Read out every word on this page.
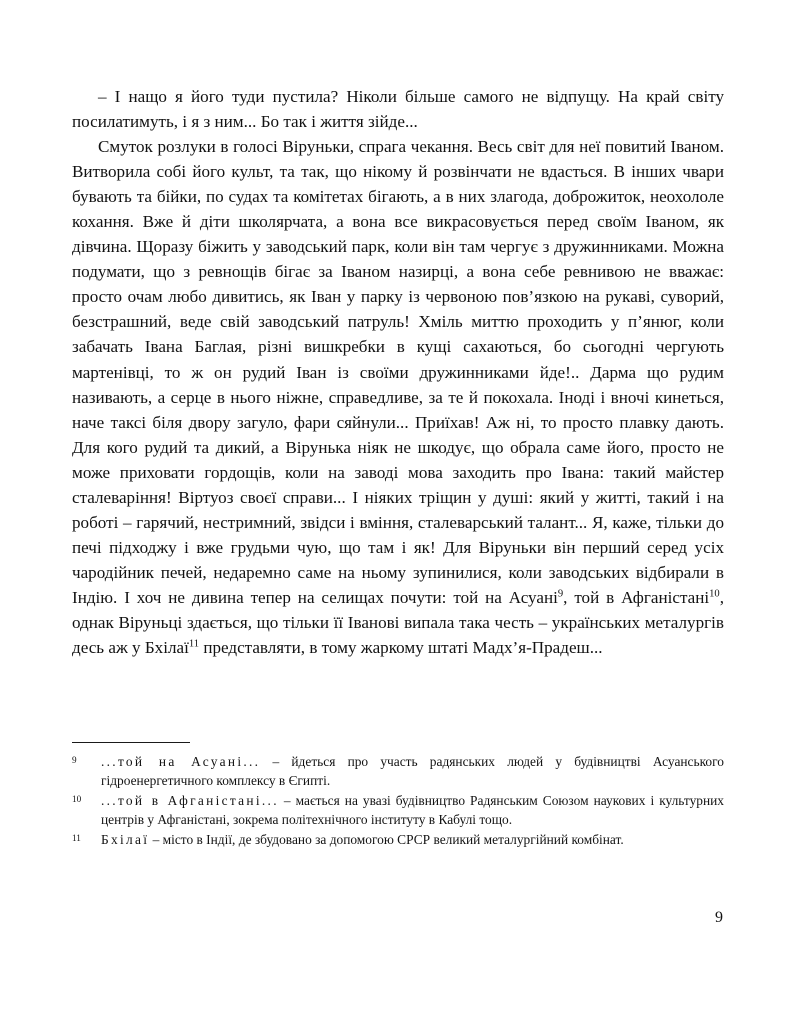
– І нащо я його туди пустила? Ніколи більше самого не відпущу. На край світу посилатимуть, і я з ним... Бо так і життя зійде...

Смуток розлуки в голосі Віруньки, спрага чекання. Весь світ для неї повитий Іваном. Витворила собі його культ, та так, що нікому й розвінчати не вдасться. В інших чвари бувають та бійки, по судах та комітетах бігають, а в них злагода, доброжиток, неохололе кохання. Вже й діти школярчата, а вона все викрасовується перед своїм Іваном, як дівчина. Щоразу біжить у заводський парк, коли він там чергує з дружинниками. Можна подумати, що з ревнощів бігає за Іваном назирці, а вона себе ревнивою не вважає: просто очам любо дивитись, як Іван у парку із червоною пов’язкою на рукаві, суворий, безстрашний, веде свій заводський патруль! Хміль миттю проходить у п’янюг, коли забачать Івана Баглая, різні вишкребки в кущі сахаються, бо сьогодні чергують мартенівці, то ж он рудий Іван із своїми дружинниками йде!.. Дарма що рудим називають, а серце в нього ніжне, справедливе, за те й покохала. Іноді і вночі кинеться, наче таксі біля двору загуло, фари сяйнули... Приїхав! Аж ні, то просто плавку дають. Для кого рудий та дикий, а Вірунька ніяк не шкодує, що обрала саме його, просто не може приховати гордощів, коли на заводі мова заходить про Івана: такий майстер сталеваріння! Віртуоз своєї справи... І ніяких тріщин у душі: який у житті, такий і на роботі – гарячий, нестримний, звідси і вміння, сталеварський талант... Я, каже, тільки до печі підходжу і вже грудьми чую, що там і як! Для Віруньки він перший серед усіх чародійник печей, недаремно саме на ньому зупинилися, коли заводських відбирали в Індію. І хоч не дивина тепер на селищах почути: той на Асуані$^9$, той в Афганістані$^{10}$, однак Віруньці здається, що тільки її Іванові випала така честь – українських металургів десь аж у Бхілаї$^{11}$ представляти, в тому жаркому штаті Мадх’я-Прадеш...

9 ...той на Асуані... – йдеться про участь радянських людей у будівництві Асуанського гідроенергетичного комплексу в Єгипті.
10 ...той в Афганістані... – мається на увазі будівництво Радянським Союзом наукових і культурних центрів у Афганістані, зокрема політехнічного інституту в Кабулі тощо.
11 Бхілаї – місто в Індії, де збудовано за допомогою СРСР великий металургійний комбінат.
9
